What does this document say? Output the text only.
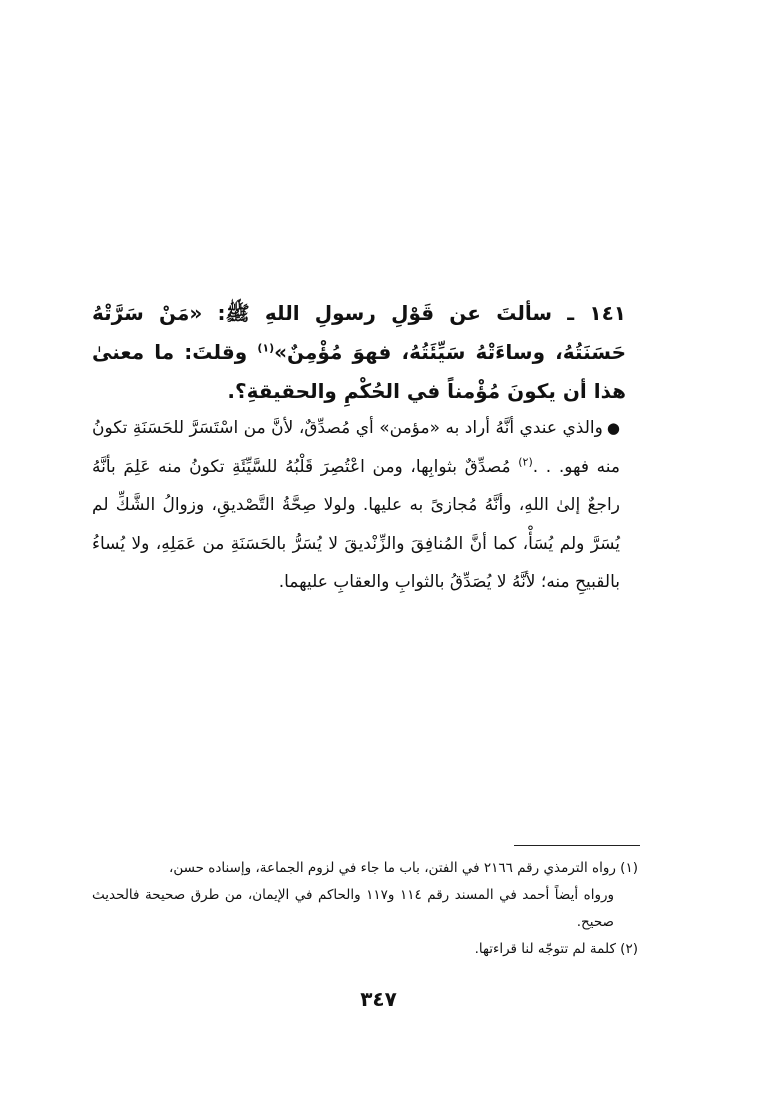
١٤١ ـ سألتَ عن قَوْلِ رسولِ اللهِ ﷺ: «مَنْ سَرَّتْهُ حَسَنَتُهُ، وساءَتْهُ سَيِّئَتُهُ، فهوَ مُؤْمِنٌ»$^{(١)}$ وقلتَ: ما معنىٰ هذا أن يكونَ مُؤْمناً في الحُكْمِ والحقيقةِ؟.

●والذي عندي أنَّهُ أراد به «مؤمن» أي مُصدِّقٌ، لأنَّ من اسْتَسَرَّ للحَسَنَةِ تكونُ منه فهو. . .$^{(٢)}$ مُصدِّقٌ بثوابِها، ومن اعْتُصِرَ قَلْبُهُ للسَّيِّئَةِ تكونُ منه عَلِمَ بأنَّهُ راجعٌ إلىٰ اللهِ، وأنَّهُ مُجازىً به عليها. ولولا صِحَّةُ التَّصْديقِ، وزوالُ الشَّكِّ لم يُسَرَّ ولم يُسَأْ، كما أنَّ المُنافِقَ والزِّنْديقَ لا يُسَرُّ بالحَسَنَةِ من عَمَلِهِ، ولا يُساءُ بالقبيحِ منه؛ لأنَّهُ لا يُصَدِّقُ بالثوابِ والعقابِ عليهما.

(١) رواه الترمذي رقم ٢١٦٦ في الفتن، باب ما جاء في لزوم الجماعة، وإسناده حسن،

ورواه أيضاً أحمد في المسند رقم ١١٤ و١١٧ والحاكم في الإيمان، من طرق صحيحة فالحديث صحيح.

(٢) كلمة لم تتوجّه لنا قراءتها.

٣٤٧
